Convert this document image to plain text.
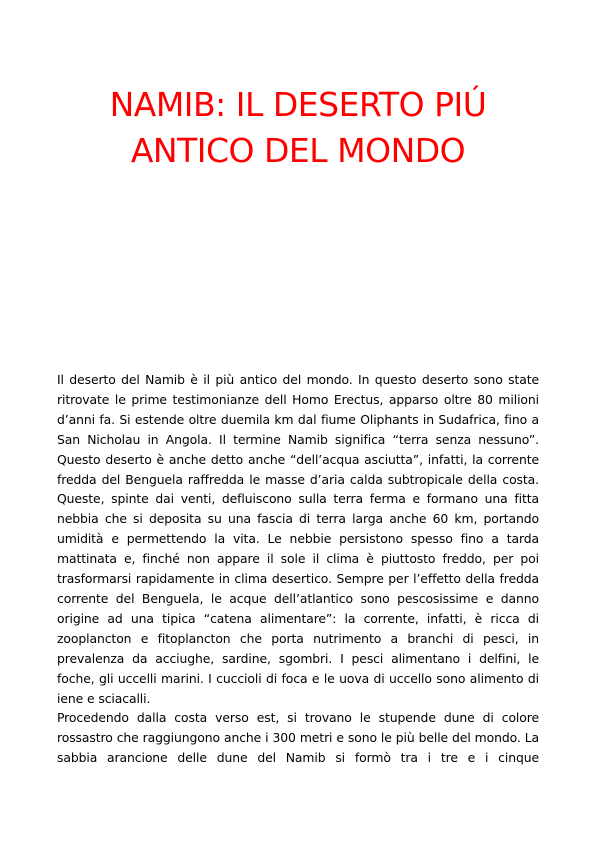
NAMIB: IL DESERTO PIÚ
ANTICO DEL MONDO

Il deserto del Namib è il più antico del mondo. In questo deserto sono state ritrovate le prime testimonianze dell Homo Erectus, apparso oltre 80 milioni d’anni fa. Si estende oltre duemila km dal fiume Oliphants in Sudafrica, fino a San Nicholau in Angola. Il termine Namib significa “terra senza nessuno”. Questo deserto è anche detto anche “dell’acqua asciutta”, infatti, la corrente fredda del Benguela raffredda le masse d’aria calda subtropicale della costa. Queste, spinte dai venti, defluiscono sulla terra ferma e formano una fitta nebbia che si deposita su una fascia di terra larga anche 60 km, portando umidità e permettendo la vita. Le nebbie persistono spesso fino a tarda mattinata e, finché non appare il sole il clima è piuttosto freddo, per poi trasformarsi rapidamente in clima desertico. Sempre per l’effetto della fredda corrente del Benguela, le acque dell’atlantico sono pescosissime e danno origine ad una tipica “catena alimentare”: la corrente, infatti, è ricca di zooplancton e fitoplancton che porta nutrimento a branchi di pesci, in prevalenza da acciughe, sardine, sgombri. I pesci alimentano i delfini, le foche, gli uccelli marini. I cuccioli di foca e le uova di uccello sono alimento di iene e sciacalli.

Procedendo dalla costa verso est, si trovano le stupende dune di colore rossastro che raggiungono anche i 300 metri e sono le più belle del mondo. La sabbia arancione delle dune del Namib si formò tra i tre e i cinque
